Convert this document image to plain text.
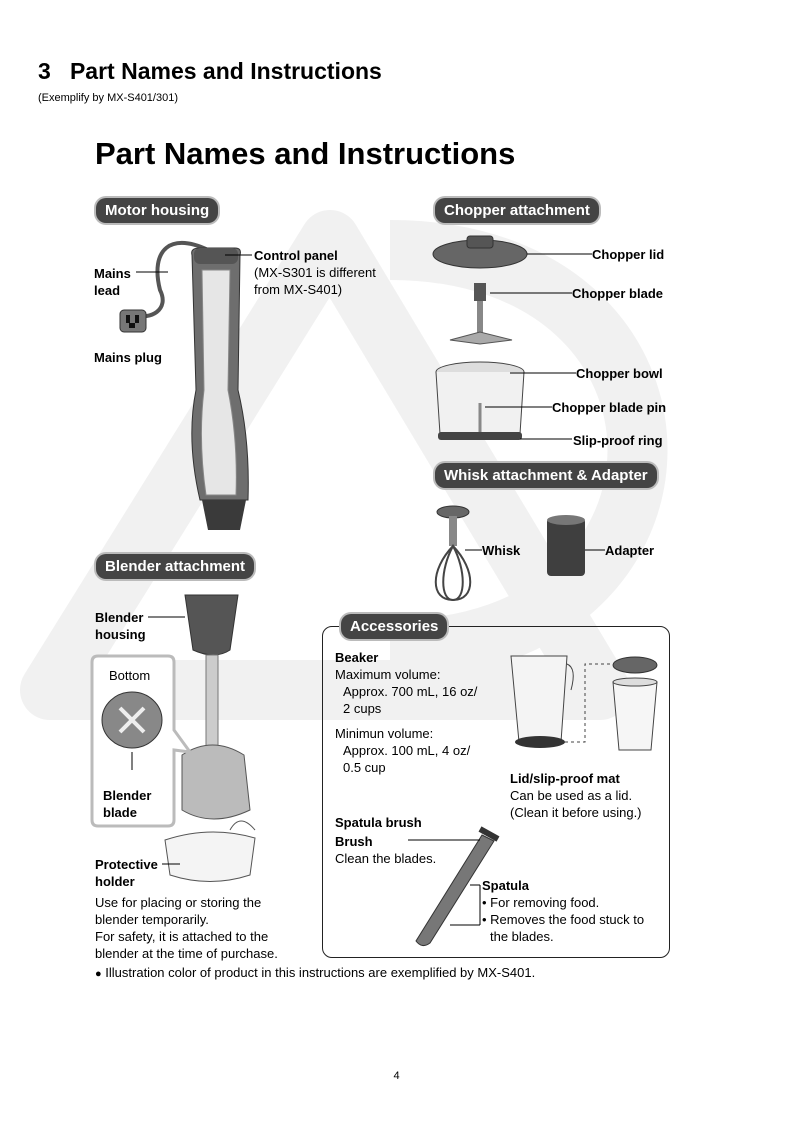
3 Part Names and Instructions
(Exemplify by MX-S401/301)
Part Names and Instructions
Motor housing	Chopper attachment
Whisk attachment & Adapter
Blender attachment
Mains
lead
Mains plug
Control panel
(MX-S301 is different
from MX-S401)
Chopper lid
Chopper blade
Chopper bowl
Chopper blade pin
Slip-proof ring
Whisk	Adapter
Blender
housing
Bottom
Blender
blade
Protective
holder
Use for placing or storing the
blender temporarily.
For safety, it is attached to the
blender at the time of purchase.
Accessories
Beaker
Maximum volume:
Approx. 700 mL, 16 oz/
2 cups
Minimun volume:
Approx. 100 mL, 4 oz/
0.5 cup
Lid/slip-proof mat
Can be used as a lid.
(Clean it before using.)
Spatula brush
Brush
Clean the blades.
Spatula
• For removing food.
• Removes the food stuck to
the blades.
● Illustration color of product in this instructions are exemplified by MX-S401.
4
